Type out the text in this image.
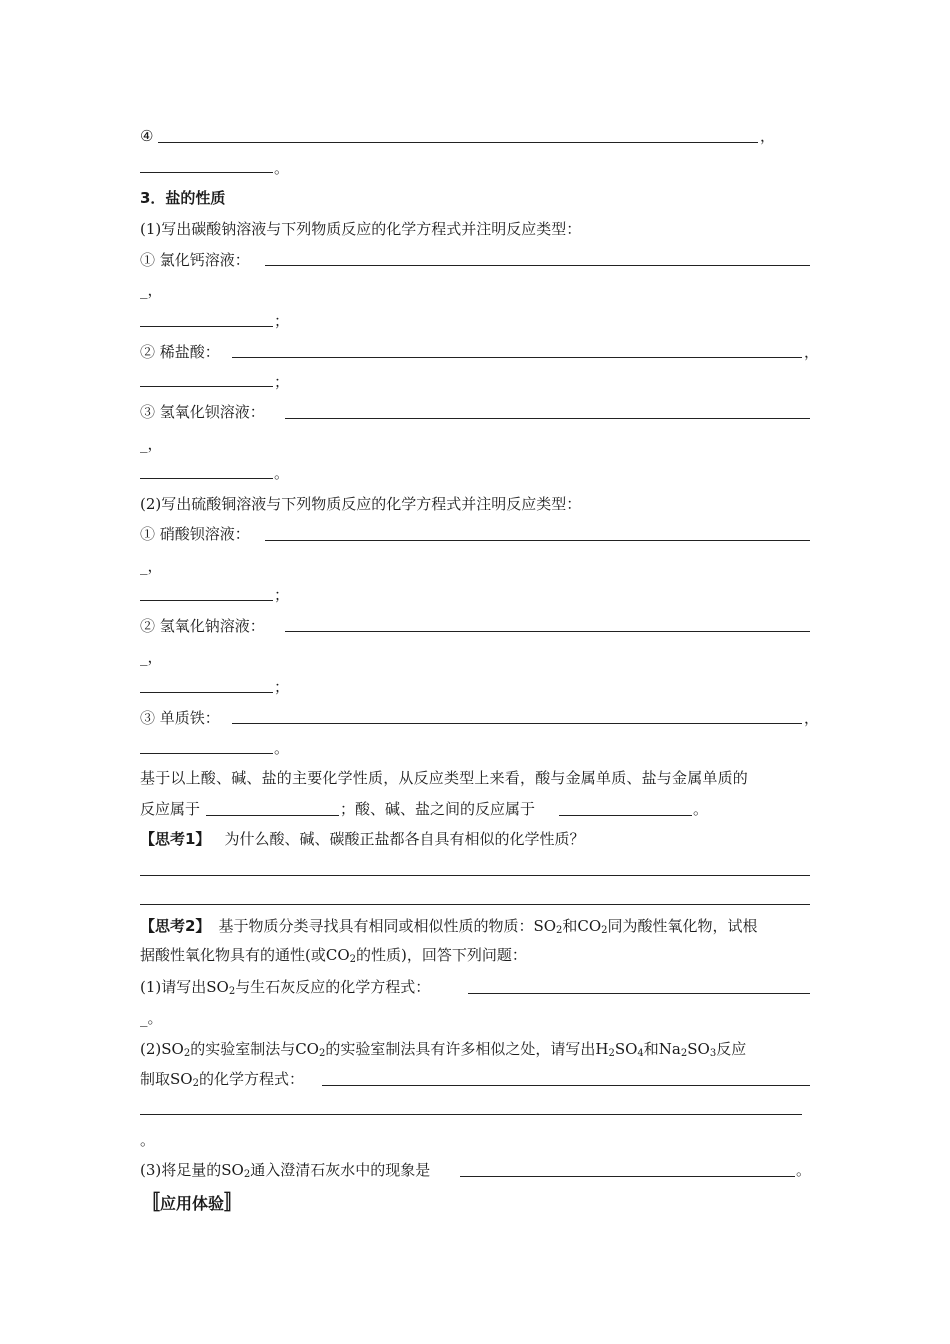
④	，
。
3．盐的性质
(1)写出碳酸钠溶液与下列物质反应的化学方程式并注明反应类型：
① 氯化钙溶液：
_，
；
② 稀盐酸：	，
；
③ 氢氧化钡溶液：
_，
。
(2)写出硫酸铜溶液与下列物质反应的化学方程式并注明反应类型：
① 硝酸钡溶液：
_，
；
② 氢氧化钠溶液：
_，
；
③ 单质铁：	，
。
基于以上酸、碱、盐的主要化学性质，从反应类型上来看，酸与金属单质、盐与金属单质的
反应属于	；酸、碱、盐之间的反应属于	。
【思考1】 为什么酸、碱、碳酸正盐都各自具有相似的化学性质？
【思考2】 基于物质分类寻找具有相同或相似性质的物质：$SO_2$和$CO_2$同为酸性氧化物，试根
据酸性氧化物具有的通性(或$CO_2$的性质)，回答下列问题：
(1)请写出$SO_2$与生石灰反应的化学方程式：
_。
$(2)SO_2$的实验室制法与$CO_2$的实验室制法具有许多相似之处，请写出$H_2SO_4$和$Na_2SO_3$反应
制取$SO_2$的化学方程式：
。
(3)将足量的$SO_2$通入澄清石灰水中的现象是	。
〚应用体验〛
